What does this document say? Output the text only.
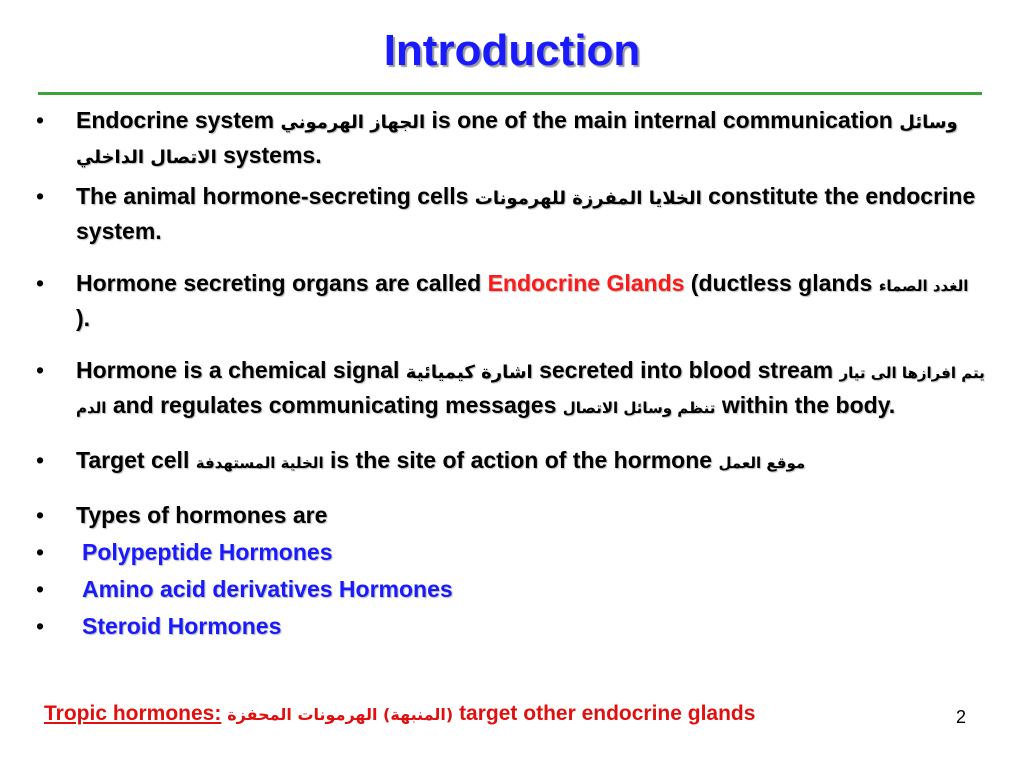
Introduction
•	Endocrine system الجهاز الهرموني is one of the main internal communication وسائل الاتصال الداخلي systems.
•	The animal hormone-secreting cells الخلايا المفرزة للهرمونات constitute the endocrine system.
•	Hormone secreting organs are called Endocrine Glands (ductless glands الغدد الصماء ).
•	Hormone is a chemical signal اشارة كيميائية secreted into blood stream يتم افرازها الى تيار الدم and regulates communicating messages تنظم وسائل الاتصال within the body.
•	Target cell الخلية المستهدفة is the site of action of the hormone موقع العمل
•	Types of hormones are
•	Polypeptide Hormones
•	Amino acid derivatives Hormones
•	Steroid Hormones
Tropic hormones: (المنبهة) الهرمونات المحفزة target other endocrine glands	2
